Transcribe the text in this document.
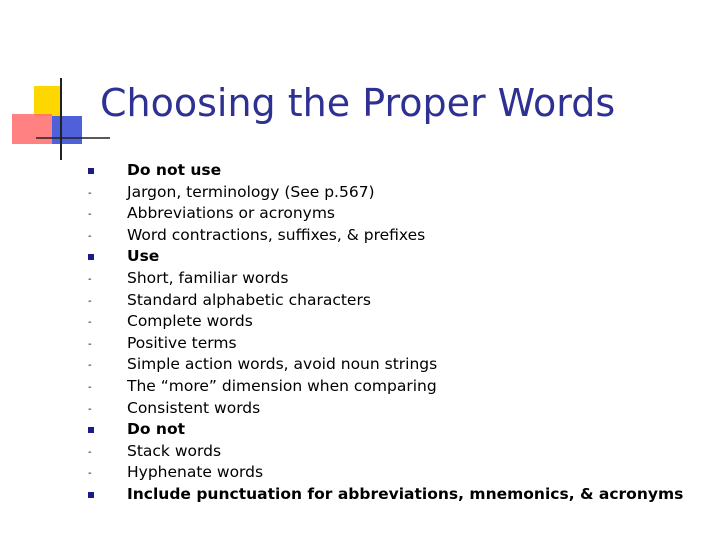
Choosing the Proper Words
Do not use
-
Jargon, terminology (See p.567)
-
Abbreviations or acronyms
-
Word contractions, suffixes, & prefixes
Use
-
Short, familiar words
-
Standard alphabetic characters
-
Complete words
-
Positive terms
-
Simple action words, avoid noun strings
-
The “more” dimension when comparing
-
Consistent words
Do not
-
Stack words
-
Hyphenate words
Include punctuation for abbreviations, mnemonics, & acronyms
